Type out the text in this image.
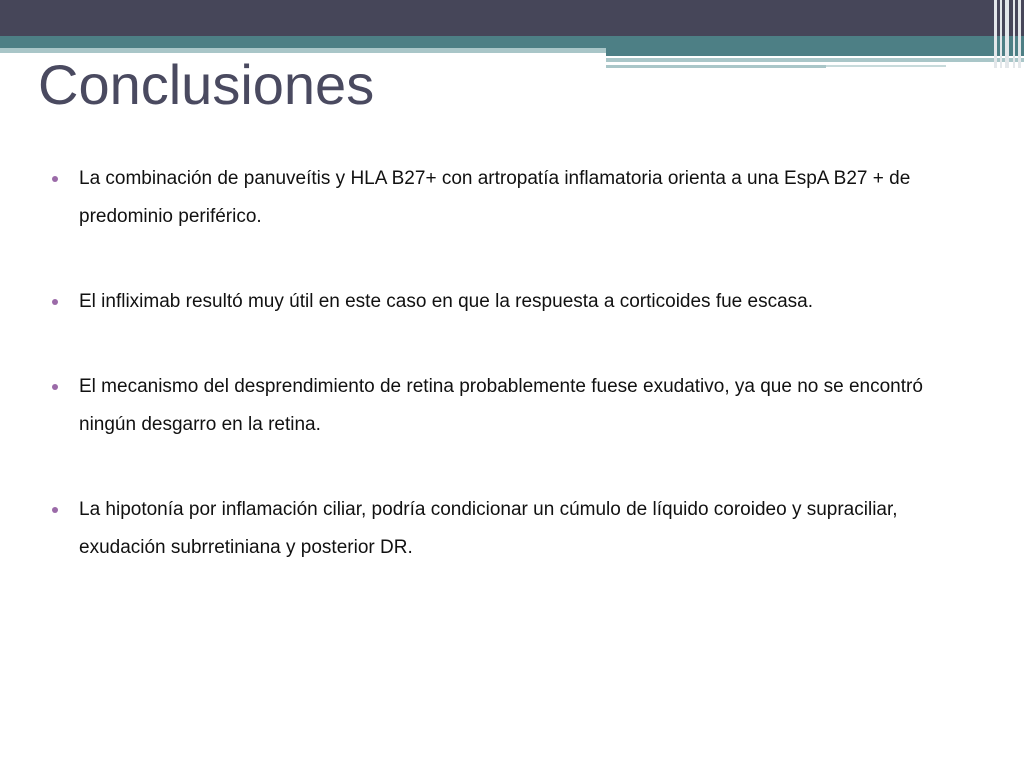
Conclusiones
La combinación de panuveítis y HLA B27+ con artropatía inflamatoria orienta a una EspA B27 + de predominio periférico.
El infliximab resultó muy útil en este caso en que la respuesta a corticoides fue escasa.
El mecanismo del desprendimiento de retina probablemente fuese exudativo, ya que no se encontró ningún desgarro en la retina.
La hipotonía por inflamación ciliar, podría condicionar un cúmulo de líquido coroideo y supraciliar, exudación subrretiniana y posterior DR.
